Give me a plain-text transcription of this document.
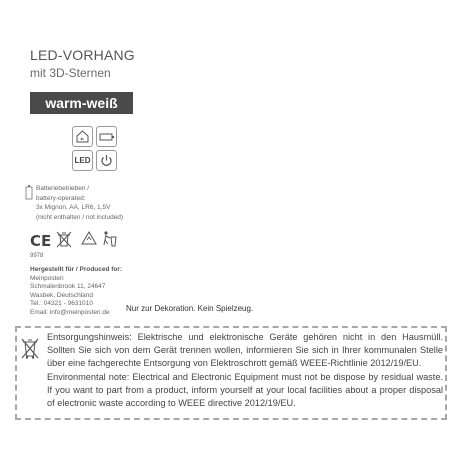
LED-VORHANG
mit 3D-Sternen
warm-weiß
LED
Batteriebetrieben /
battery-operated:
3x Mignon, AA, LR6, 1,5V
(nicht enthalten / not included)
CE
9978
Hergestellt für / Produced for:
Meinposten
Schmalenbrook 11, 24647
Wasbek, Deutschland
Tel.: 04321 - 9631010
Email: info@meinposten.de	Nur zur Dekoration. Kein Spielzeug.

Entsorgungshinweis: Elektrische und elektronische Geräte gehören nicht in den Hausmüll. Sollten Sie sich von dem Gerät trennen wollen, informieren Sie sich in Ihrer kommunalen Stelle über eine fachgerechte Entsorgung von Elektroschrott gemäß WEEE-Richtlinie 2012/19/EU.

Environmental note: Electrical and Electronic Equipment must not be dispose by residual waste. If you want to part from a product, inform yourself at your local facilities about a proper disposal of electronic waste according to WEEE directive 2012/19/EU.
